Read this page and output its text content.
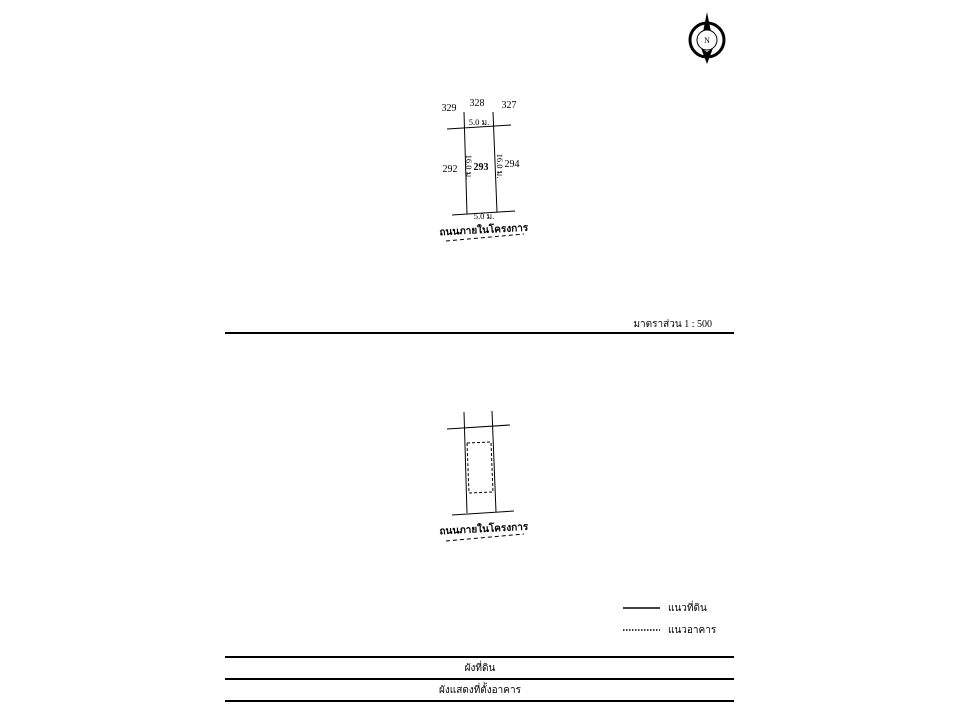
N
329 328 327
292 293 294
5.0 ม.
5.0 ม.
16.0 ม. 16.0 ม.
ถนนภายในโครงการ
มาตราส่วน 1 : 500
ถนนภายในโครงการ
แนวที่ดิน
แนวอาคาร
ผังที่ดิน
ผังแสดงที่ตั้งอาคาร
